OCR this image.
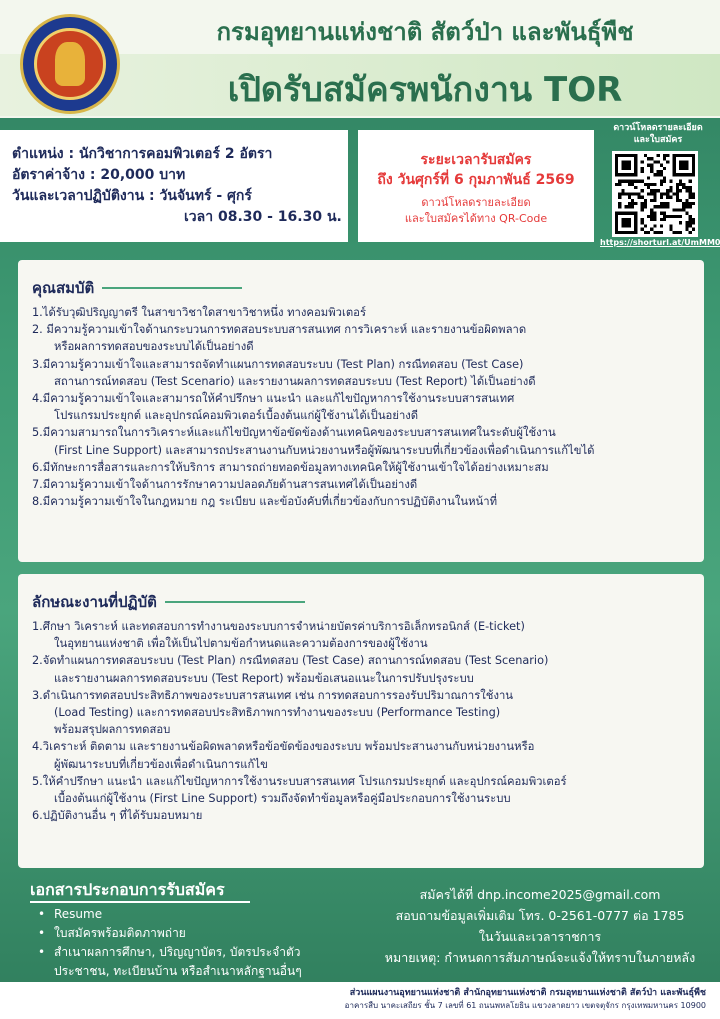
กรมอุทยานแห่งชาติ สัตว์ป่า และพันธุ์พืช
เปิดรับสมัครพนักงาน TOR
ตำแหน่ง : นักวิชาการคอมพิวเตอร์ 2 อัตรา
อัตราค่าจ้าง : 20,000 บาท
วันและเวลาปฏิบัติงาน : วันจันทร์ - ศุกร์
เวลา 08.30 - 16.30 น.
ระยะเวลารับสมัคร
ถึง วันศุกร์ที่ 6 กุมภาพันธ์ 2569
ดาวน์โหลดรายละเอียด
และใบสมัครได้ทาง QR-Code
ดาวน์โหลดรายละเอียด
และใบสมัคร
https://shorturl.at/UmMM0
คุณสมบัติ
1.ได้รับวุฒิปริญญาตรี ในสาขาวิชาใดสาขาวิชาหนึ่ง ทางคอมพิวเตอร์
2. มีความรู้ความเข้าใจด้านกระบวนการทดสอบระบบสารสนเทศ การวิเคราะห์ และรายงานข้อผิดพลาด
หรือผลการทดสอบของระบบได้เป็นอย่างดี
3.มีความรู้ความเข้าใจและสามารถจัดทำแผนการทดสอบระบบ (Test Plan) กรณีทดสอบ (Test Case)
สถานการณ์ทดสอบ (Test Scenario) และรายงานผลการทดสอบระบบ (Test Report) ได้เป็นอย่างดี
4.มีความรู้ความเข้าใจและสามารถให้คำปรึกษา แนะนำ และแก้ไขปัญหาการใช้งานระบบสารสนเทศ
โปรแกรมประยุกต์ และอุปกรณ์คอมพิวเตอร์เบื้องต้นแก่ผู้ใช้งานได้เป็นอย่างดี
5.มีความสามารถในการวิเคราะห์และแก้ไขปัญหาข้อขัดข้องด้านเทคนิคของระบบสารสนเทศในระดับผู้ใช้งาน
(First Line Support) และสามารถประสานงานกับหน่วยงานหรือผู้พัฒนาระบบที่เกี่ยวข้องเพื่อดำเนินการแก้ไขได้
6.มีทักษะการสื่อสารและการให้บริการ สามารถถ่ายทอดข้อมูลทางเทคนิคให้ผู้ใช้งานเข้าใจได้อย่างเหมาะสม
7.มีความรู้ความเข้าใจด้านการรักษาความปลอดภัยด้านสารสนเทศได้เป็นอย่างดี
8.มีความรู้ความเข้าใจในกฎหมาย กฎ ระเบียบ และข้อบังคับที่เกี่ยวข้องกับการปฏิบัติงานในหน้าที่
ลักษณะงานที่ปฏิบัติ
1.ศึกษา วิเคราะห์ และทดสอบการทำงานของระบบการจำหน่ายบัตรค่าบริการอิเล็กทรอนิกส์ (E-ticket)
ในอุทยานแห่งชาติ เพื่อให้เป็นไปตามข้อกำหนดและความต้องการของผู้ใช้งาน
2.จัดทำแผนการทดสอบระบบ (Test Plan) กรณีทดสอบ (Test Case) สถานการณ์ทดสอบ (Test Scenario)
และรายงานผลการทดสอบระบบ (Test Report) พร้อมข้อเสนอแนะในการปรับปรุงระบบ
3.ดำเนินการทดสอบประสิทธิภาพของระบบสารสนเทศ เช่น การทดสอบการรองรับปริมาณการใช้งาน
(Load Testing) และการทดสอบประสิทธิภาพการทำงานของระบบ (Performance Testing)
พร้อมสรุปผลการทดสอบ
4.วิเคราะห์ ติดตาม และรายงานข้อผิดพลาดหรือข้อขัดข้องของระบบ พร้อมประสานงานกับหน่วยงานหรือ
ผู้พัฒนาระบบที่เกี่ยวข้องเพื่อดำเนินการแก้ไข
5.ให้คำปรึกษา แนะนำ และแก้ไขปัญหาการใช้งานระบบสารสนเทศ โปรแกรมประยุกต์ และอุปกรณ์คอมพิวเตอร์
เบื้องต้นแก่ผู้ใช้งาน (First Line Support) รวมถึงจัดทำข้อมูลหรือคู่มือประกอบการใช้งานระบบ
6.ปฏิบัติงานอื่น ๆ ที่ได้รับมอบหมาย
เอกสารประกอบการรับสมัคร
• Resume
• ใบสมัครพร้อมติดภาพถ่าย
• สำเนาผลการศึกษา, ปริญญาบัตร, บัตรประจำตัว
ประชาชน, ทะเบียนบ้าน หรือสำเนาหลักฐานอื่นๆ
สมัครได้ที่ dnp.income2025@gmail.com
สอบถามข้อมูลเพิ่มเติม โทร. 0-2561-0777 ต่อ 1785
ในวันและเวลาราชการ
หมายเหตุ: กำหนดการสัมภาษณ์จะแจ้งให้ทราบในภายหลัง
ส่วนแผนงานอุทยานแห่งชาติ สำนักอุทยานแห่งชาติ กรมอุทยานแห่งชาติ สัตว์ป่า และพันธุ์พืช
อาคารสืบ นาคะเสถียร ชั้น 7 เลขที่ 61 ถนนพหลโยธิน แขวงลาดยาว เขตจตุจักร กรุงเทพมหานคร 10900
